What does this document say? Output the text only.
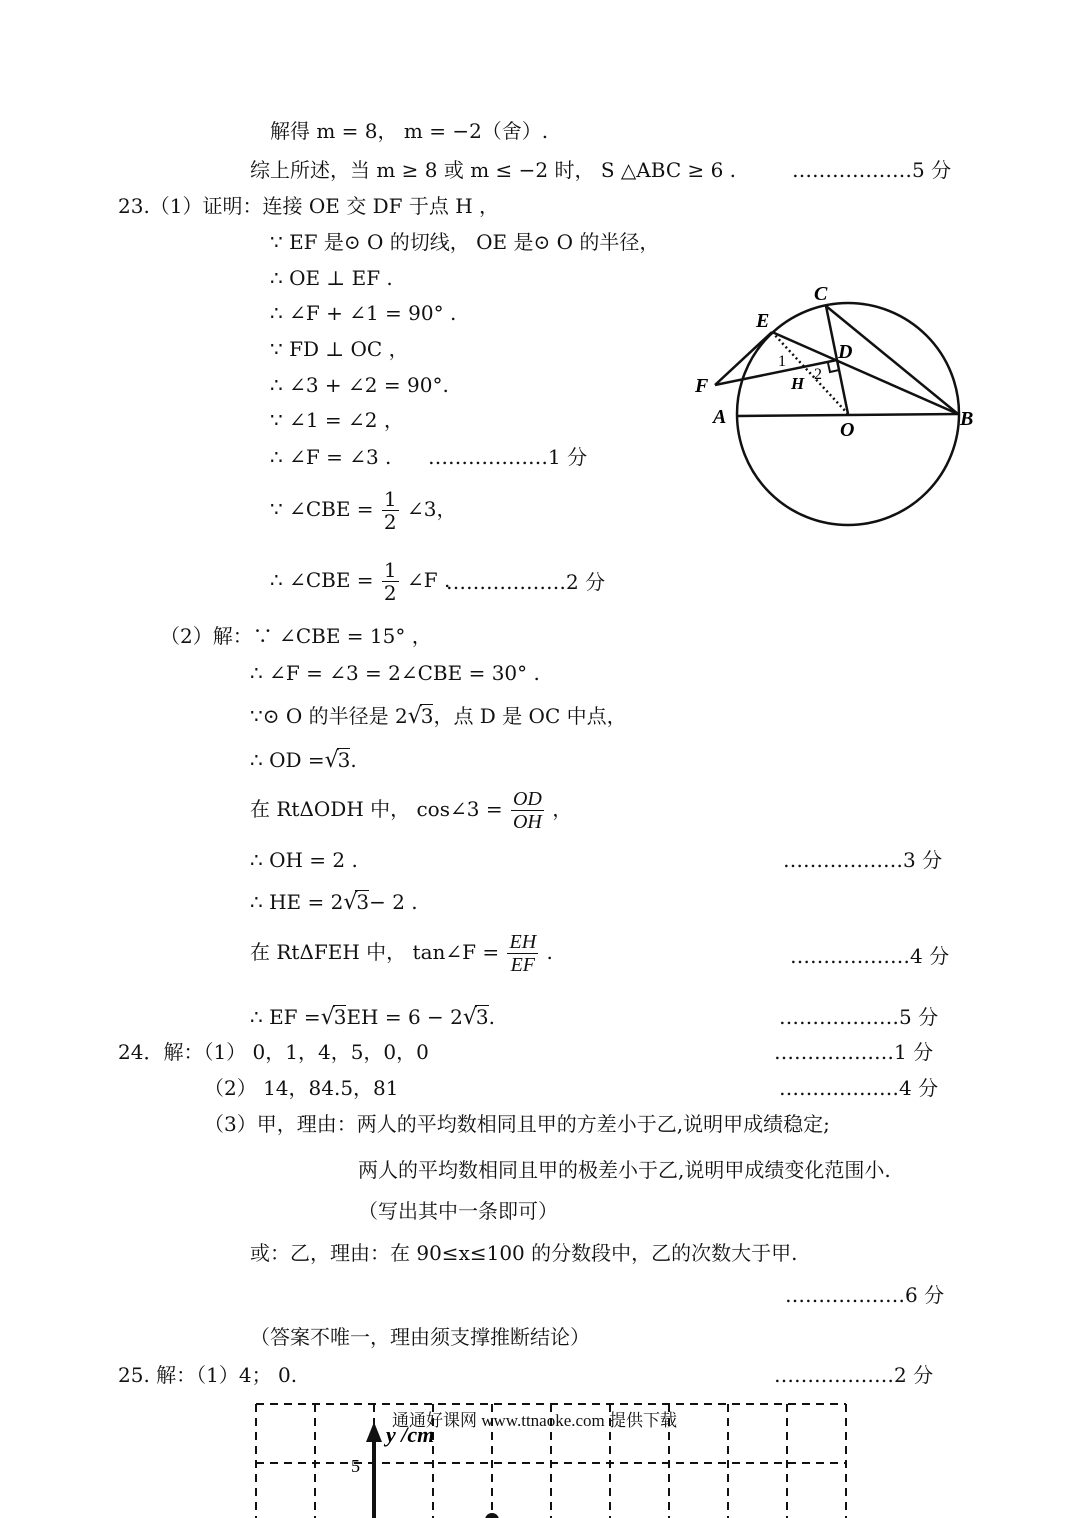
解得 m = 8， m = −2（舍）.
综上所述，当 m ≥ 8 或 m ≤ −2 时， S △ABC ≥ 6 .	………………5 分
23.（1）证明：连接 OE 交 DF 于点 H ，
∵ EF 是⊙ O 的切线， OE 是⊙ O 的半径，
∴ OE ⊥ EF .
∴ ∠F + ∠1 = 90° .
∵ FD ⊥ OC ，
∴ ∠3 + ∠2 = 90°.
∵ ∠1 = ∠2 ，
∴ ∠F = ∠3 . ………………1 分
∵ ∠CBE = $\frac{1}{2}$ ∠3，
∴ ∠CBE = $\frac{1}{2}$ ∠F .
………………2 分
（2）解：∵ ∠CBE = 15° ，
∴ ∠F = ∠3 = 2∠CBE = 30° .
∵⊙ O 的半径是 2√3，点 D 是 OC 中点，
∴ OD =√3.
在 RtΔODH 中， cos∠3 = $\frac{OD}{OH}$ ，
∴ OH = 2 .	………………3 分
∴ HE = 2√3− 2 .
在 RtΔFEH 中， tan∠F = $\frac{EH}{EF}$ .	………………4 分
∴ EF =√3EH = 6 − 2√3.	………………5 分
24．解：（1） 0，1，4，5，0，0	………………1 分
（2） 14，84.5，81	………………4 分
（3）甲，理由：两人的平均数相同且甲的方差小于乙,说明甲成绩稳定;
两人的平均数相同且甲的极差小于乙,说明甲成绩变化范围小.
（写出其中一条即可）
或：乙，理由：在 90≤x≤100 的分数段中，乙的次数大于甲.
………………6 分
（答案不唯一，理由须支撑推断结论）
25. 解：（1）4； 0.	………………2 分
C
E
D
F	H
A
O	B
1
2
y /cm
5
通通好课网 www.ttnaoke.com 提供下载
